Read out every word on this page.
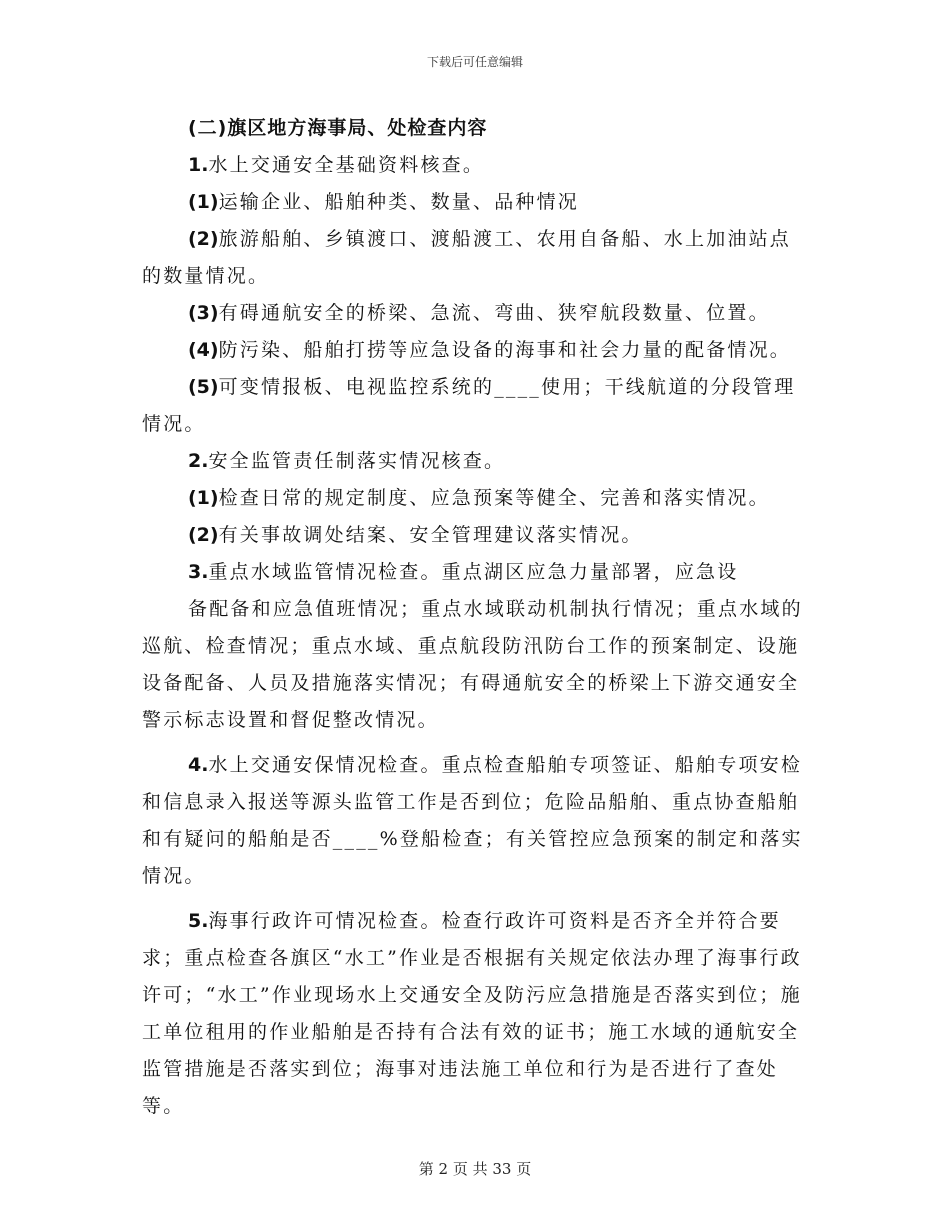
下载后可任意编辑
(二)旗区地方海事局、处检查内容

1.水上交通安全基础资料核查。

(1)运输企业、船舶种类、数量、品种情况

(2)旅游船舶、乡镇渡口、渡船渡工、农用自备船、水上加油站点的数量情况。

(3)有碍通航安全的桥梁、急流、弯曲、狭窄航段数量、位置。

(4)防污染、船舶打捞等应急设备的海事和社会力量的配备情况。

(5)可变情报板、电视监控系统的____使用；干线航道的分段管理情况。

2.安全监管责任制落实情况核查。

(1)检查日常的规定制度、应急预案等健全、完善和落实情况。

(2)有关事故调处结案、安全管理建议落实情况。

3.重点水域监管情况检查。重点湖区应急力量部署，应急设

备配备和应急值班情况；重点水域联动机制执行情况；重点水域的巡航、检查情况；重点水域、重点航段防汛防台工作的预案制定、设施设备配备、人员及措施落实情况；有碍通航安全的桥梁上下游交通安全警示标志设置和督促整改情况。

4.水上交通安保情况检查。重点检查船舶专项签证、船舶专项安检和信息录入报送等源头监管工作是否到位；危险品船舶、重点协查船舶和有疑问的船舶是否____%登船检查；有关管控应急预案的制定和落实情况。

5.海事行政许可情况检查。检查行政许可资料是否齐全并符合要求；重点检查各旗区“水工”作业是否根据有关规定依法办理了海事行政许可；“水工”作业现场水上交通安全及防污应急措施是否落实到位；施工单位租用的作业船舶是否持有合法有效的证书；施工水域的通航安全监管措施是否落实到位；海事对违法施工单位和行为是否进行了查处等。

第 2 页 共 33 页
